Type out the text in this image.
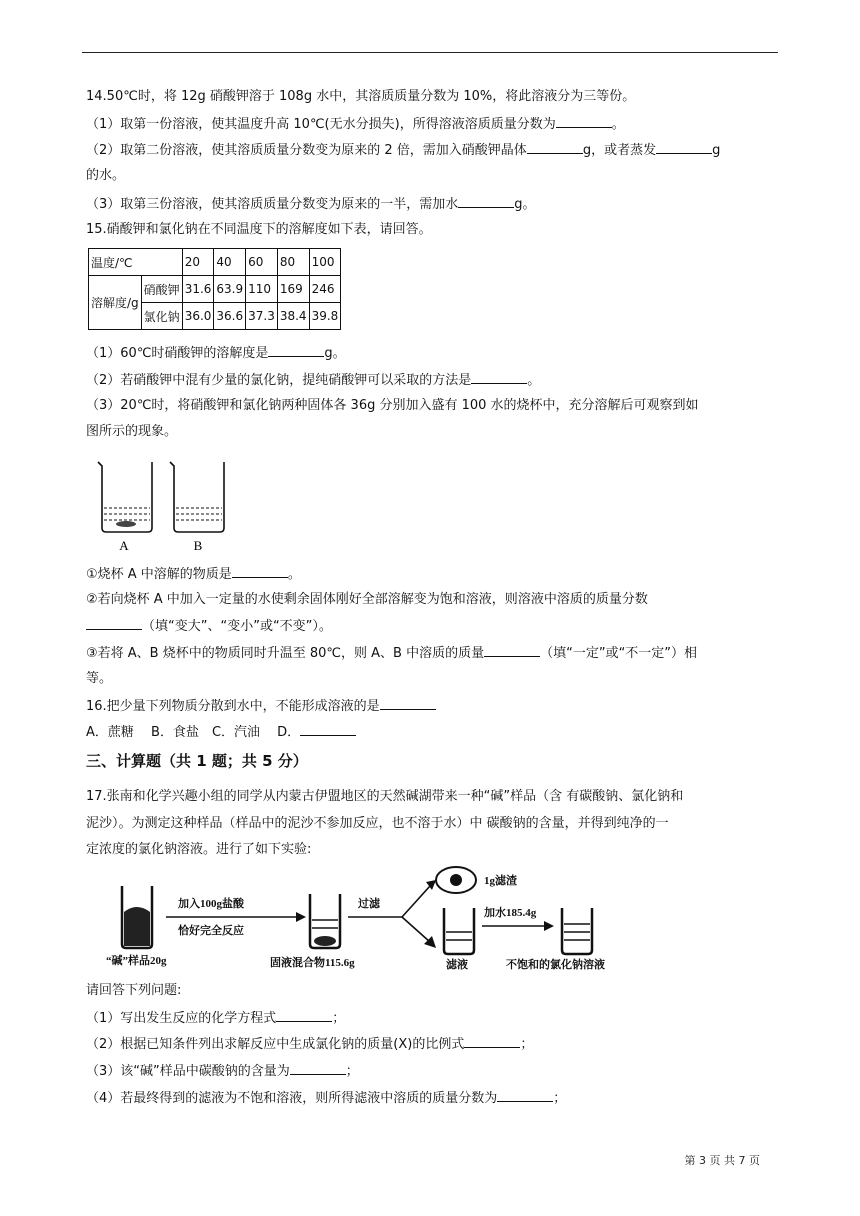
14.50℃时，将 12g 硝酸钾溶于 108g 水中，其溶质质量分数为 10%，将此溶液分为三等份。
（1）取第一份溶液，使其温度升高 10℃(无水分损失)，所得溶液溶质质量分数为	。
（2）取第二份溶液，使其溶质质量分数变为原来的 2 倍，需加入硝酸钾晶体	g，或者蒸发	g
的水。
（3）取第三份溶液，使其溶质质量分数变为原来的一半，需加水	g。
15.硝酸钾和氯化钠在不同温度下的溶解度如下表，请回答。
温度/℃		20	40	60	80	100
溶解度/g	硝酸钾	31.6	63.9	110	169	246
	氯化钠	36.0	36.6	37.3	38.4	39.8
（1）60℃时硝酸钾的溶解度是	g。
（2）若硝酸钾中混有少量的氯化钠，提纯硝酸钾可以采取的方法是	。
（3）20℃时，将硝酸钾和氯化钠两种固体各 36g 分别加入盛有 100 水的烧杯中，充分溶解后可观察到如
图所示的现象。
A	B
①烧杯 A 中溶解的物质是	。
②若向烧杯 A 中加入一定量的水使剩余固体刚好全部溶解变为饱和溶液，则溶液中溶质的质量分数
（填“变大”、“变小”或“不变”）。
③若将 A、B 烧杯中的物质同时升温至 80℃，则 A、B 中溶质的质量	（填“一定”或“不一定”）相
等。
16.把少量下列物质分散到水中，不能形成溶液的是
A．蔗糖　 B．食盐　C．汽油　 D．
三、计算题（共 1 题；共 5 分）
17.张南和化学兴趣小组的同学从内蒙古伊盟地区的天然碱湖带来一种“碱”样品（含 有碳酸钠、氯化钠和
泥沙）。为测定这种样品（样品中的泥沙不参加反应，也不溶于水）中 碳酸钠的含量，并得到纯净的一
定浓度的氯化钠溶液。进行了如下实验:
“碱”样品20g
加入100g盐酸
恰好完全反应
固液混合物115.6g
过滤
1g滤渣
滤液
加水185.4g
不饱和的氯化钠溶液
请回答下列问题:
（1）写出发生反应的化学方程式	；
（2）根据已知条件列出求解反应中生成氯化钠的质量(X)的比例式	；
（3）该“碱”样品中碳酸钠的含量为	；
（4）若最终得到的滤液为不饱和溶液，则所得滤液中溶质的质量分数为	；
第 3 页 共 7 页
